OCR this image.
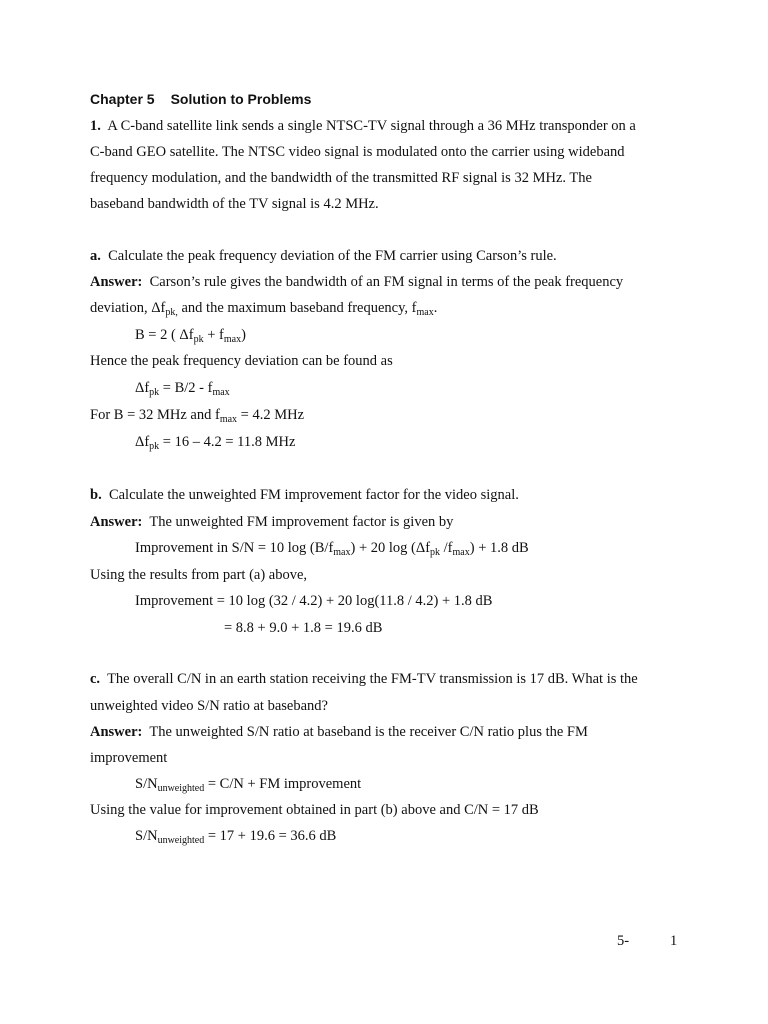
Chapter 5 Solution to Problems
1. A C-band satellite link sends a single NTSC-TV signal through a 36 MHz transponder on a
C-band GEO satellite. The NTSC video signal is modulated onto the carrier using wideband
frequency modulation, and the bandwidth of the transmitted RF signal is 32 MHz. The
baseband bandwidth of the TV signal is 4.2 MHz.
a. Calculate the peak frequency deviation of the FM carrier using Carson’s rule.
Answer: Carson’s rule gives the bandwidth of an FM signal in terms of the peak frequency
deviation, $\Delta f_{pk,}$ and the maximum baseband frequency, $f_{max}$.
B = 2 ( $\Delta f_{pk} + f_{max}$)
Hence the peak frequency deviation can be found as
$\Delta f_{pk} = B/2 - f_{max}$
For B = 32 MHz and $f_{max} = 4.2$ MHz
$\Delta f_{pk} = 16 - 4.2 = 11.8$ MHz
b. Calculate the unweighted FM improvement factor for the video signal.
Answer: The unweighted FM improvement factor is given by
Improvement in S/N = 10 $\log (B/f_{max}) + 20$ $\log (\Delta f_{pk}$ $/f_{max}) + 1.8$ dB
Using the results from part (a) above,
Improvement = 10 log (32 / 4.2) + 20 log(11.8 / 4.2) + 1.8 dB
= 8.8 + 9.0 + 1.8 = 19.6 dB
c. The overall C/N in an earth station receiving the FM-TV transmission is 17 dB. What is the
unweighted video S/N ratio at baseband?
Answer: The unweighted S/N ratio at baseband is the receiver C/N ratio plus the FM
improvement
$S/N_{unweighted} = C/N$ + FM improvement
Using the value for improvement obtained in part (b) above and C/N = 17 dB
$S/N_{unweighted} = 17 + 19.6 = 36.6$ dB
5-	1
